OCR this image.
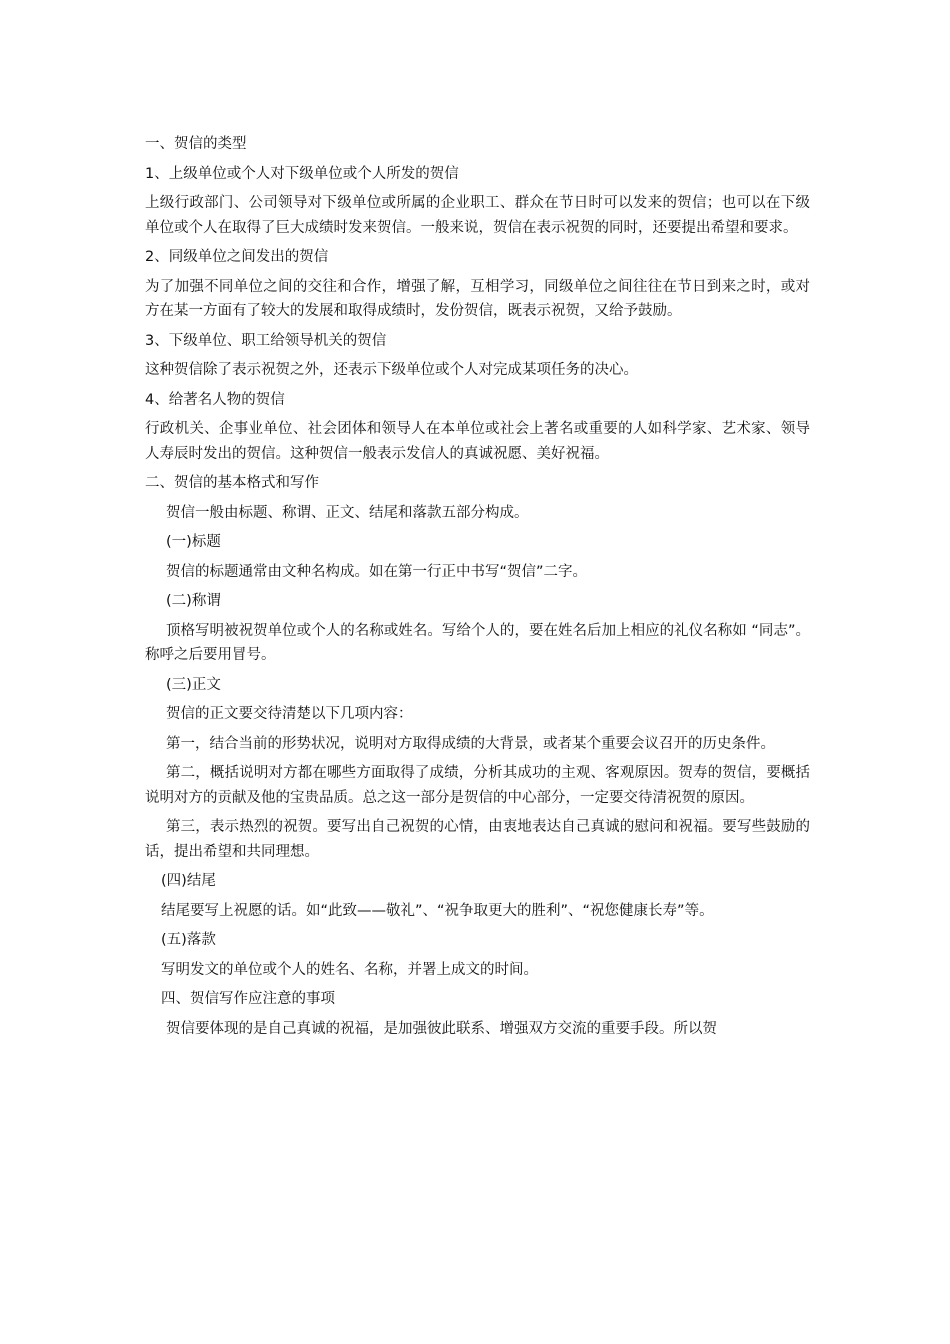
一、贺信的类型

1、上级单位或个人对下级单位或个人所发的贺信

上级行政部门、公司领导对下级单位或所属的企业职工、群众在节日时可以发来的贺信；也可以在下级单位或个人在取得了巨大成绩时发来贺信。一般来说，贺信在表示祝贺的同时，还要提出希望和要求。

2、同级单位之间发出的贺信

为了加强不同单位之间的交往和合作，增强了解，互相学习，同级单位之间往往在节日到来之时，或对方在某一方面有了较大的发展和取得成绩时，发份贺信，既表示祝贺，又给予鼓励。

3、下级单位、职工给领导机关的贺信

这种贺信除了表示祝贺之外，还表示下级单位或个人对完成某项任务的决心。

4、给著名人物的贺信

行政机关、企事业单位、社会团体和领导人在本单位或社会上著名或重要的人如科学家、艺术家、领导人寿辰时发出的贺信。这种贺信一般表示发信人的真诚祝愿、美好祝福。

二、贺信的基本格式和写作

贺信一般由标题、称谓、正文、结尾和落款五部分构成。

(一)标题

贺信的标题通常由文种名构成。如在第一行正中书写“贺信”二字。

(二)称谓

顶格写明被祝贺单位或个人的名称或姓名。写给个人的，要在姓名后加上相应的礼仪名称如 “同志”。称呼之后要用冒号。

(三)正文

贺信的正文要交待清楚以下几项内容：

第一，结合当前的形势状况，说明对方取得成绩的大背景，或者某个重要会议召开的历史条件。

第二，概括说明对方都在哪些方面取得了成绩，分析其成功的主观、客观原因。贺寿的贺信，要概括说明对方的贡献及他的宝贵品质。总之这一部分是贺信的中心部分，一定要交待清祝贺的原因。

第三，表示热烈的祝贺。要写出自己祝贺的心情，由衷地表达自己真诚的慰问和祝福。要写些鼓励的话，提出希望和共同理想。

(四)结尾

结尾要写上祝愿的话。如“此致——敬礼”、“祝争取更大的胜利”、“祝您健康长寿”等。

(五)落款

写明发文的单位或个人的姓名、名称，并署上成文的时间。

四、贺信写作应注意的事项

贺信要体现的是自己真诚的祝福，是加强彼此联系、增强双方交流的重要手段。所以贺
